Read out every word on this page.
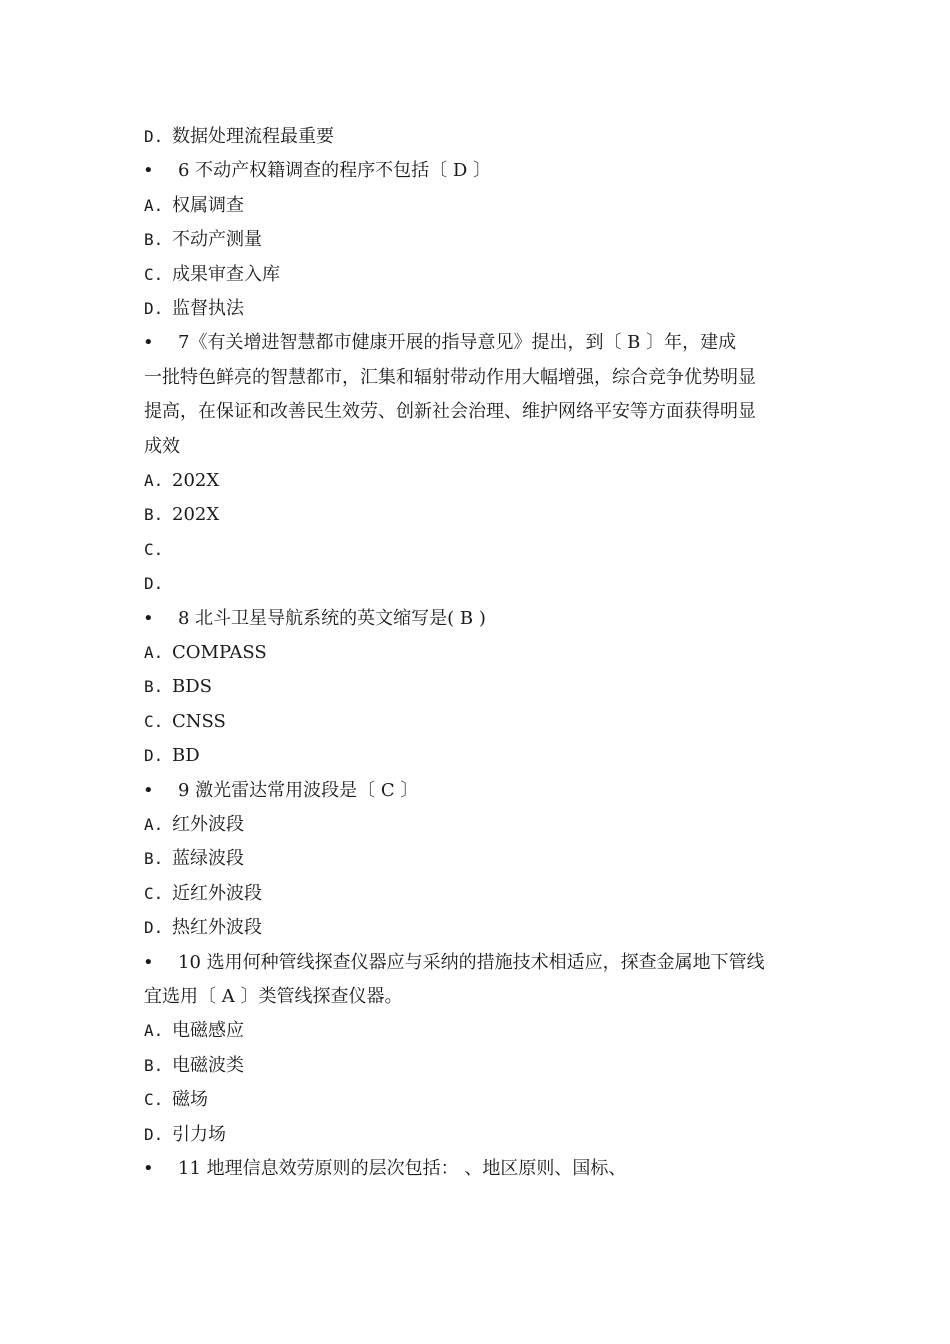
D. 数据处理流程最重要
• 6 不动产权籍调查的程序不包括〔 D 〕
A. 权属调查
B. 不动产测量
C. 成果审查入库
D. 监督执法
• 7《有关增进智慧都市健康开展的指导意见》提出，到〔 B 〕年，建成
一批特色鲜亮的智慧都市，汇集和辐射带动作用大幅增强，综合竞争优势明显
提高，在保证和改善民生效劳、创新社会治理、维护网络平安等方面获得明显
成效
A. 202X
B. 202X
C.
D.
• 8 北斗卫星导航系统的英文缩写是( B )
A. COMPASS
B. BDS
C. CNSS
D. BD
• 9 激光雷达常用波段是〔 C 〕
A. 红外波段
B. 蓝绿波段
C. 近红外波段
D. 热红外波段
• 10 选用何种管线探查仪器应与采纳的措施技术相适应，探查金属地下管线
宜选用〔 A 〕类管线探查仪器。
A. 电磁感应
B. 电磁波类
C. 磁场
D. 引力场
• 11 地理信息效劳原则的层次包括： 、地区原则、国标、
